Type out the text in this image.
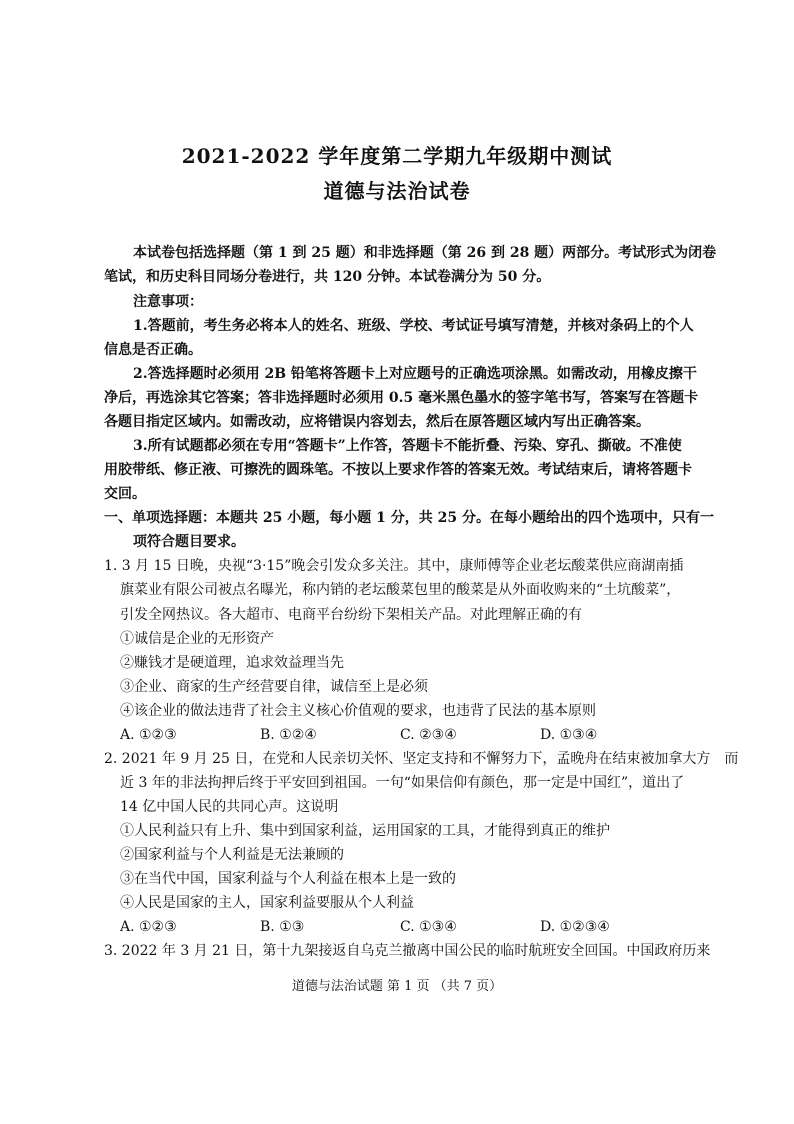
2021-2022 学年度第二学期九年级期中测试
道德与法治试卷
本试卷包括选择题（第 1 到 25 题）和非选择题（第 26 到 28 题）两部分。考试形式为闭卷
笔试，和历史科目同场分卷进行，共 120 分钟。本试卷满分为 50 分。
注意事项：
1.答题前，考生务必将本人的姓名、班级、学校、考试证号填写清楚，并核对条码上的个人
信息是否正确。
2.答选择题时必须用 2B 铅笔将答题卡上对应题号的正确选项涂黑。如需改动，用橡皮擦干
净后，再选涂其它答案；答非选择题时必须用 0.5 毫米黑色墨水的签字笔书写，答案写在答题卡
各题目指定区域内。如需改动，应将错误内容划去，然后在原答题区域内写出正确答案。
3.所有试题都必须在专用“答题卡”上作答，答题卡不能折叠、污染、穿孔、撕破。不准使
用胶带纸、修正液、可擦洗的圆珠笔。不按以上要求作答的答案无效。考试结束后，请将答题卡
交回。
一、单项选择题：本题共 25 小题，每小题 1 分，共 25 分。在每小题给出的四个选项中，只有一
项符合题目要求。
1. 3 月 15 日晚，央视“3·15”晚会引发众多关注。其中，康师傅等企业老坛酸菜供应商湖南插
旗菜业有限公司被点名曝光，称内销的老坛酸菜包里的酸菜是从外面收购来的“土坑酸菜”，
引发全网热议。各大超市、电商平台纷纷下架相关产品。对此理解正确的有
①诚信是企业的无形资产
②赚钱才是硬道理，追求效益理当先
③企业、商家的生产经营要自律，诚信至上是必须
④该企业的做法违背了社会主义核心价值观的要求，也违背了民法的基本原则
A. ①②③	B. ①②④	C. ②③④	D. ①③④
2. 2021 年 9 月 25 日，在党和人民亲切关怀、坚定支持和不懈努力下，孟晚舟在结束被加拿大方　而
近 3 年的非法拘押后终于平安回到祖国。一句“如果信仰有颜色，那一定是中国红”，道出了
14 亿中国人民的共同心声。这说明
①人民利益只有上升、集中到国家利益，运用国家的工具，才能得到真正的维护
②国家利益与个人利益是无法兼顾的
③在当代中国，国家利益与个人利益在根本上是一致的
④人民是国家的主人，国家利益要服从个人利益
A. ①②③	B. ①③	C. ①③④	D. ①②③④
3. 2022 年 3 月 21 日，第十九架接返自乌克兰撤离中国公民的临时航班安全回国。中国政府历来
道德与法治试题 第 1 页 （共 7 页）
